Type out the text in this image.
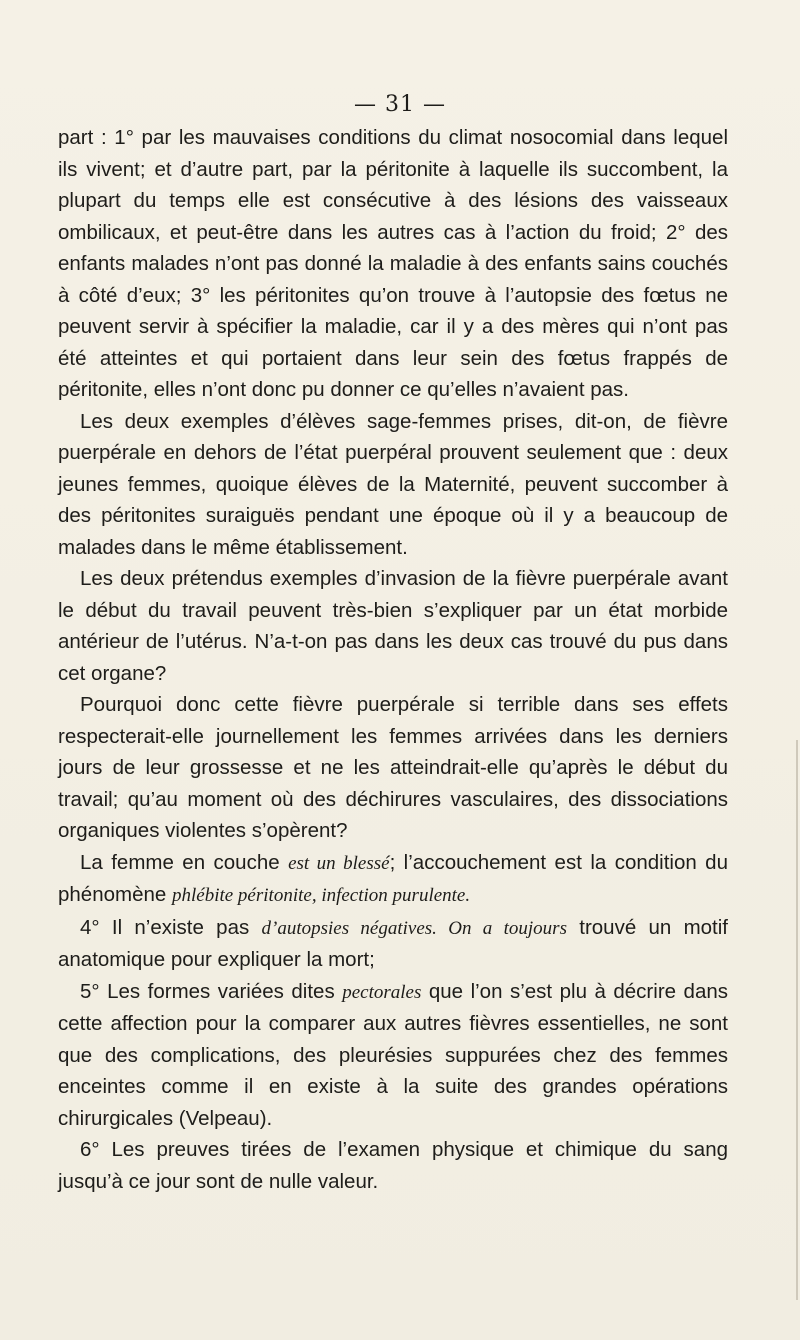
— 31 —

part : 1° par les mauvaises conditions du climat nosocomial dans lequel ils vivent; et d’autre part, par la péritonite à laquelle ils succombent, la plupart du temps elle est consécutive à des lésions des vaisseaux ombilicaux, et peut-être dans les autres cas à l’action du froid; 2° des enfants malades n’ont pas donné la maladie à des enfants sains couchés à côté d’eux; 3° les péritonites qu’on trouve à l’autopsie des fœtus ne peuvent servir à spécifier la maladie, car il y a des mères qui n’ont pas été atteintes et qui portaient dans leur sein des fœtus frappés de péritonite, elles n’ont donc pu donner ce qu’elles n’avaient pas.

Les deux exemples d’élèves sage-femmes prises, dit-on, de fièvre puerpérale en dehors de l’état puerpéral prouvent seulement que : deux jeunes femmes, quoique élèves de la Maternité, peuvent succomber à des péritonites suraiguës pendant une époque où il y a beaucoup de malades dans le même établissement.

Les deux prétendus exemples d’invasion de la fièvre puerpérale avant le début du travail peuvent très-bien s’expliquer par un état morbide antérieur de l’utérus. N’a-t-on pas dans les deux cas trouvé du pus dans cet organe?

Pourquoi donc cette fièvre puerpérale si terrible dans ses effets respecterait-elle journellement les femmes arrivées dans les derniers jours de leur grossesse et ne les atteindrait-elle qu’après le début du travail; qu’au moment où des déchirures vasculaires, des dissociations organiques violentes s’opèrent?

La femme en couche est un blessé; l’accouchement est la condition du phénomène phlébite péritonite, infection purulente.

4° Il n’existe pas d’autopsies négatives. On a toujours trouvé un motif anatomique pour expliquer la mort;

5° Les formes variées dites pectorales que l’on s’est plu à décrire dans cette affection pour la comparer aux autres fièvres essentielles, ne sont que des complications, des pleurésies suppurées chez des femmes enceintes comme il en existe à la suite des grandes opérations chirurgicales (Velpeau).

6° Les preuves tirées de l’examen physique et chimique du sang jusqu’à ce jour sont de nulle valeur.
